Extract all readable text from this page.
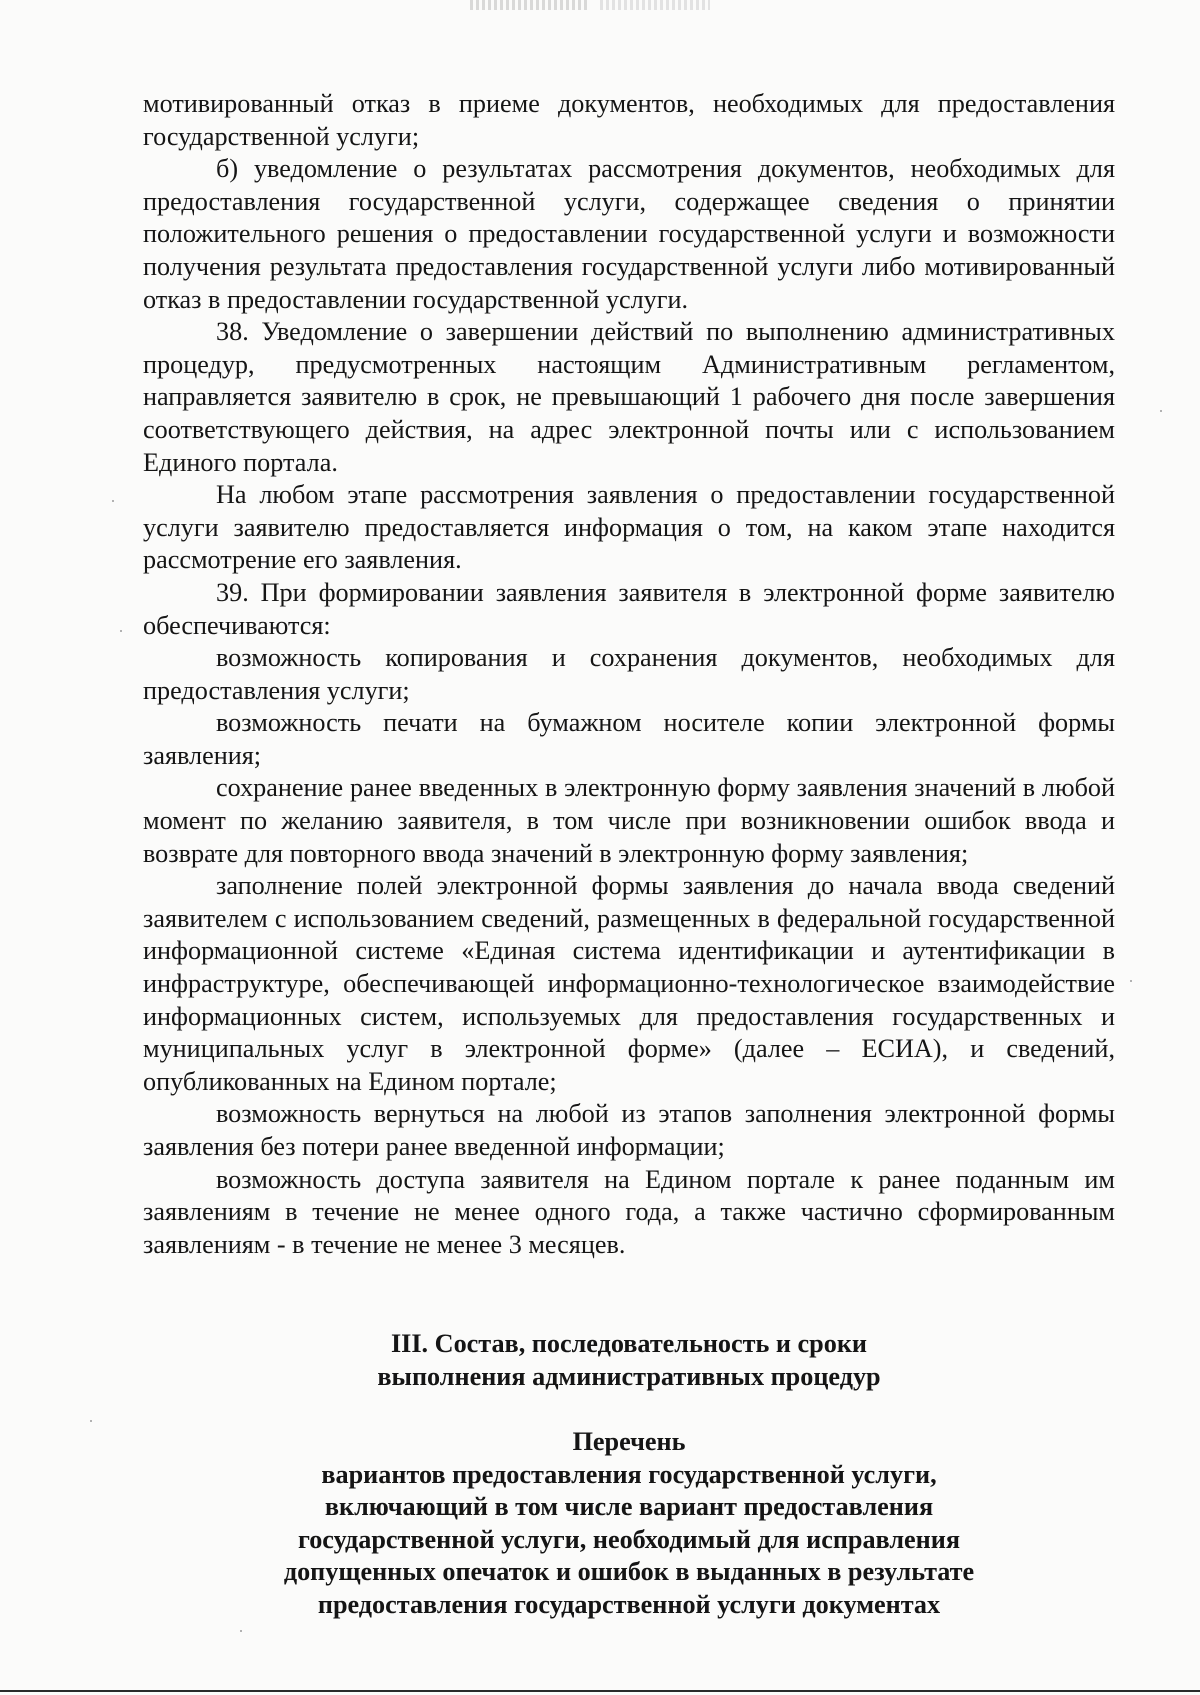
мотивированный отказ в приеме документов, необходимых для предоставления государственной услуги;

б) уведомление о результатах рассмотрения документов, необходимых для предоставления государственной услуги, содержащее сведения о принятии положительного решения о предоставлении государственной услуги и возможности получения результата предоставления государственной услуги либо мотивированный отказ в предоставлении государственной услуги.

38. Уведомление о завершении действий по выполнению административных процедур, предусмотренных настоящим Административным регламентом, направляется заявителю в срок, не превышающий 1 рабочего дня после завершения соответствующего действия, на адрес электронной почты или с использованием Единого портала.

На любом этапе рассмотрения заявления о предоставлении государственной услуги заявителю предоставляется информация о том, на каком этапе находится рассмотрение его заявления.

39. При формировании заявления заявителя в электронной форме заявителю обеспечиваются:

возможность копирования и сохранения документов, необходимых для предоставления услуги;

возможность печати на бумажном носителе копии электронной формы заявления;

сохранение ранее введенных в электронную форму заявления значений в любой момент по желанию заявителя, в том числе при возникновении ошибок ввода и возврате для повторного ввода значений в электронную форму заявления;

заполнение полей электронной формы заявления до начала ввода сведений заявителем с использованием сведений, размещенных в федеральной государственной информационной системе «Единая система идентификации и аутентификации в инфраструктуре, обеспечивающей информационно-технологическое взаимодействие информационных систем, используемых для предоставления государственных и муниципальных услуг в электронной форме» (далее – ЕСИА), и сведений, опубликованных на Едином портале;

возможность вернуться на любой из этапов заполнения электронной формы заявления без потери ранее введенной информации;

возможность доступа заявителя на Едином портале к ранее поданным им заявлениям в течение не менее одного года, а также частично сформированным заявлениям - в течение не менее 3 месяцев.

III. Состав, последовательность и сроки
выполнения административных процедур
Перечень
вариантов предоставления государственной услуги,
включающий в том числе вариант предоставления
государственной услуги, необходимый для исправления
допущенных опечаток и ошибок в выданных в результате
предоставления государственной услуги документах
